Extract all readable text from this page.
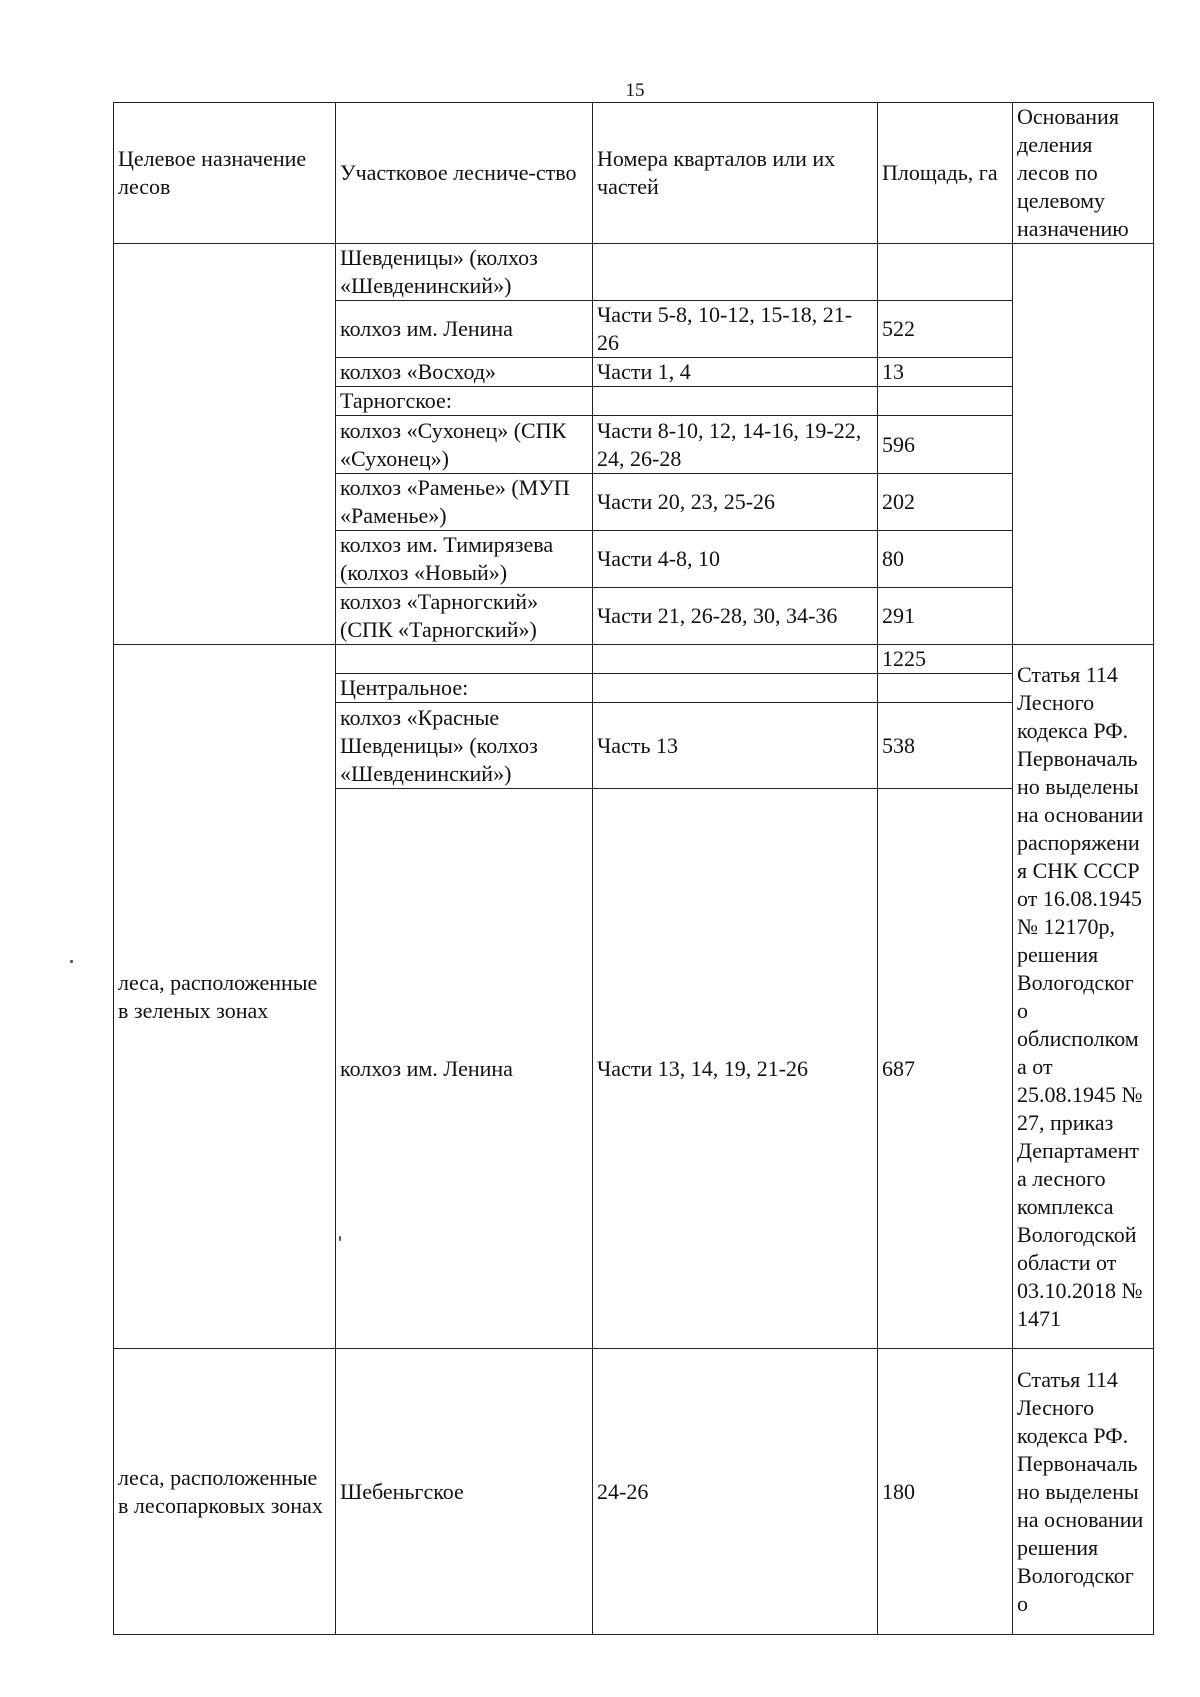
15
Целевое назначение лесов	Участковое лесниче-ство	Номера кварталов или их частей	Площадь, га	Основания деления лесов по целевому назначению
	Шевденицы» (колхоз «Шевденинский»)			
	колхоз им. Ленина	Части 5-8, 10-12, 15-18, 21-26	522	
	колхоз «Восход»	Части 1, 4	13	
	Тарногское:			
	колхоз «Сухонец» (СПК «Сухонец»)	Части 8-10, 12, 14-16, 19-22, 24, 26-28	596	
	колхоз «Раменье» (МУП «Раменье»)	Части 20, 23, 25-26	202	
	колхоз им. Тимирязева (колхоз «Новый»)	Части 4-8, 10	80	
	колхоз «Тарногский» (СПК «Тарногский»)	Части 21, 26-28, 30, 34-36	291	
леса, расположенные в зеленых зонах			1225	Статья 114 Лесного кодекса РФ. Первоначаль но выделены на основании распоряжени я СНК СССР от 16.08.1945 № 12170р, решения Вологодског о облисполком а от 25.08.1945 № 27, приказ Департамент а лесного комплекса Вологодской области от 03.10.2018 № 1471
	Центральное:			
	колхоз «Красные Шевденицы» (колхоз «Шевденинский»)	Часть 13	538	
	колхоз им. Ленина	Части 13, 14, 19, 21-26	687	
леса, расположенные в лесопарковых зонах	Шебеньгское	24-26	180	Статья 114 Лесного кодекса РФ. Первоначаль но выделены на основании решения Вологодског о
